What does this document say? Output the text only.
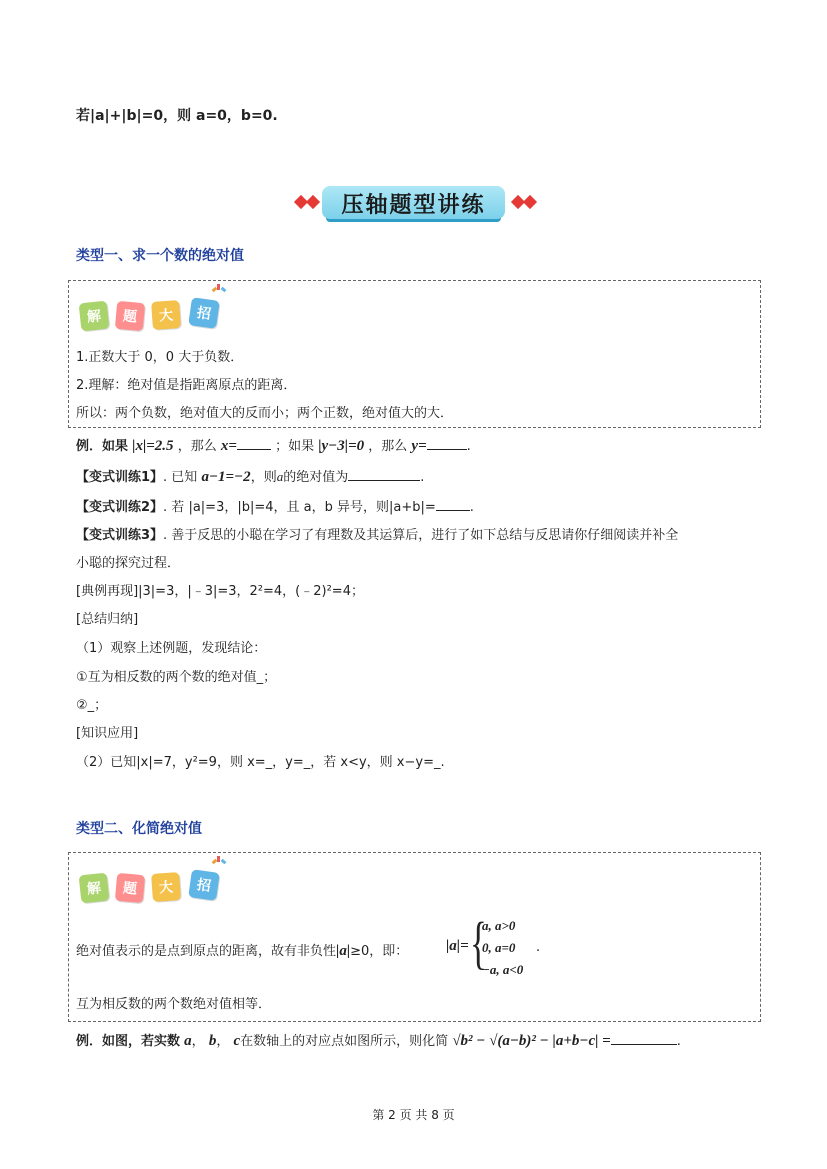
若|a|+|b|=0，则 a=0，b=0.
压轴题型讲练
类型一、求一个数的绝对值
解	题	大	招
1.正数大于 0，0 大于负数．
2.理解：绝对值是指距离原点的距离．
所以：两个负数，绝对值大的反而小；两个正数，绝对值大的大．
例．如果 |x|=2.5 ，那么 x=	；如果 |y−3|=0 ，那么 y=	.
【变式训练1】. 已知 a−1=−2，则a的绝对值为	.
【变式训练2】. 若 |a|=3，|b|=4，且 a，b 异号，则|a+b|=	.
【变式训练3】. 善于反思的小聪在学习了有理数及其运算后，进行了如下总结与反思请你仔细阅读并补全
小聪的探究过程．
[典例再现]|3|=3，|﹣3|=3，2²=4，(﹣2)²=4；
[总结归纳]
（1）观察上述例题，发现结论：
①互为相反数的两个数的绝对值_；
②_；
[知识应用]
（2）已知|x|=7，y²=9，则 x=_，y=_，若 x<y，则 x−y=_.
类型二、化简绝对值
解	题	大	招
绝对值表示的是点到原点的距离，故有非负性|a|≥0，即：	|a|= {
a, a>0
0, a=0
−a, a<0
.
互为相反数的两个数绝对值相等．
例．如图，若实数 a， b， c在数轴上的对应点如图所示，则化简 √b² − √(a−b)² − |a+b−c| =	.
第 2 页 共 8 页
